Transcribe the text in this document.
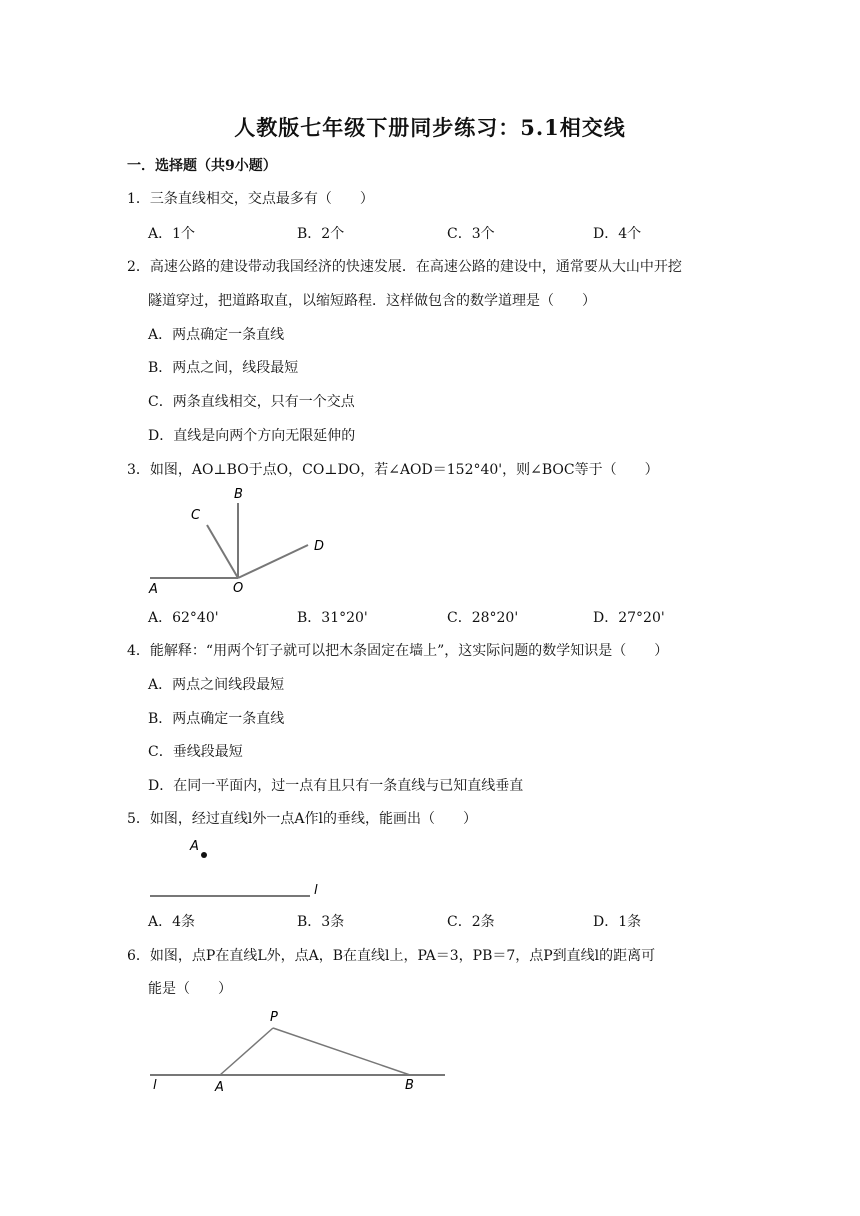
人教版七年级下册同步练习：5.1相交线
一．选择题（共9小题）
1．三条直线相交，交点最多有（　　）
A．1个	B．2个	C．3个	D．4个
2．高速公路的建设带动我国经济的快速发展．在高速公路的建设中，通常要从大山中开挖
隧道穿过，把道路取直，以缩短路程．这样做包含的数学道理是（　　）
A．两点确定一条直线
B．两点之间，线段最短
C．两条直线相交，只有一个交点
D．直线是向两个方向无限延伸的
3．如图，AO⊥BO于点O，CO⊥DO，若∠AOD＝152°40'，则∠BOC等于（　　）
B
C
D
A	O
A．62°40'	B．31°20'	C．28°20'	D．27°20'
4．能解释：“用两个钉子就可以把木条固定在墙上”，这实际问题的数学知识是（　　）
A．两点之间线段最短
B．两点确定一条直线
C．垂线段最短
D．在同一平面内，过一点有且只有一条直线与已知直线垂直
5．如图，经过直线l外一点A作l的垂线，能画出（　　）
A
l
A．4条	B．3条	C．2条	D．1条
6．如图，点P在直线L外，点A，B在直线l上，PA＝3，PB＝7，点P到直线l的距离可
能是（　　）
P
l	A	B
